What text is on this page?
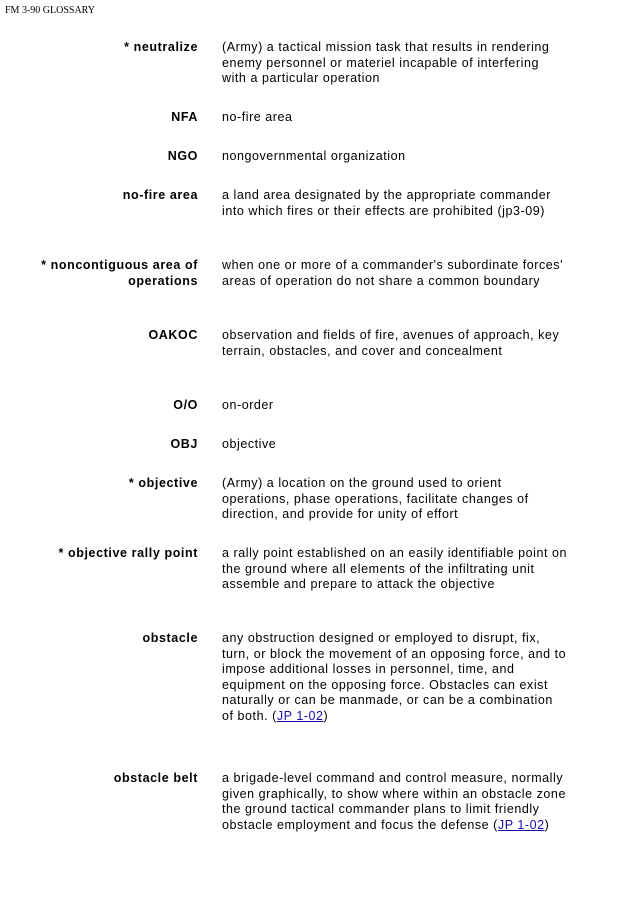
FM 3-90 GLOSSARY
* neutralize (Army) a tactical mission task that results in rendering enemy personnel or materiel incapable of interfering with a particular operation
NFA no-fire area
NGO nongovernmental organization
no-fire area a land area designated by the appropriate commander into which fires or their effects are prohibited (jp3-09)
* noncontiguous area of operations
when one or more of a commander's subordinate forces' areas of operation do not share a common boundary
OAKOC observation and fields of fire, avenues of approach, key terrain, obstacles, and cover and concealment
O/O on-order
OBJ objective
* objective (Army) a location on the ground used to orient operations, phase operations, facilitate changes of direction, and provide for unity of effort
* objective rally point a rally point established on an easily identifiable point on the ground where all elements of the infiltrating unit assemble and prepare to attack the objective
obstacle any obstruction designed or employed to disrupt, fix, turn, or block the movement of an opposing force, and to impose additional losses in personnel, time, and equipment on the opposing force. Obstacles can exist naturally or can be manmade, or can be a combination of both. (JP 1-02)
obstacle belt a brigade-level command and control measure, normally given graphically, to show where within an obstacle zone the ground tactical commander plans to limit friendly obstacle employment and focus the defense (JP 1-02)
